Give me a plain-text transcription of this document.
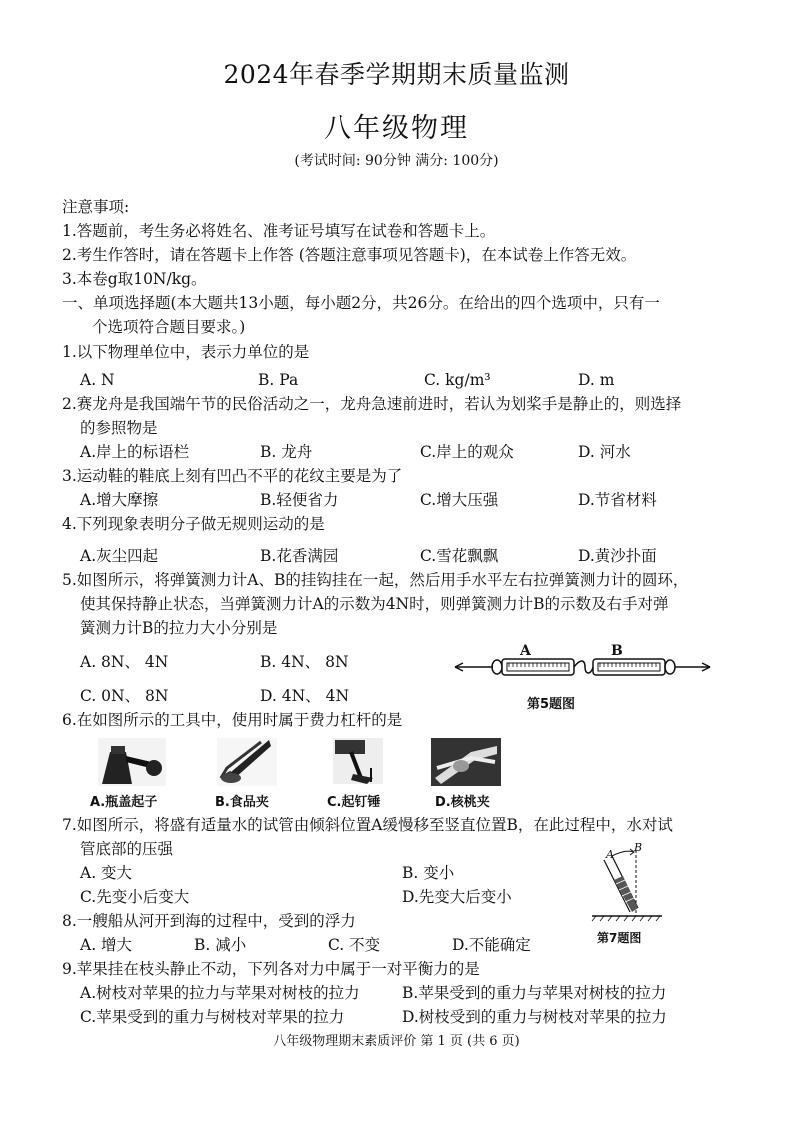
2024年春季学期期末质量监测
八年级物理
(考试时间: 90分钟 满分: 100分)
注意事项:
1.答题前，考生务必将姓名、准考证号填写在试卷和答题卡上。
2.考生作答时，请在答题卡上作答 (答题注意事项见答题卡)，在本试卷上作答无效。
3.本卷g取10N/kg。
一、单项选择题(本大题共13小题，每小题2分，共26分。在给出的四个选项中，只有一
个选项符合题目要求。)
1.以下物理单位中，表示力单位的是
A. N	B. Pa	C. kg/m³	D. m
2.赛龙舟是我国端午节的民俗活动之一，龙舟急速前进时，若认为划桨手是静止的，则选择
的参照物是
A.岸上的标语栏	B. 龙舟	C.岸上的观众	D. 河水
3.运动鞋的鞋底上刻有凹凸不平的花纹主要是为了
A.增大摩擦	B.轻便省力	C.增大压强	D.节省材料
4.下列现象表明分子做无规则运动的是
A.灰尘四起	B.花香满园	C.雪花飘飘	D.黄沙扑面
5.如图所示，将弹簧测力计A、B的挂钩挂在一起，然后用手水平左右拉弹簧测力计的圆环，
使其保持静止状态，当弹簧测力计A的示数为4N时，则弹簧测力计B的示数及右手对弹
簧测力计B的拉力大小分别是
A. 8N、 4N	B. 4N、 8N
C. 0N、 8N	D. 4N、 4N
A	B
第5题图
6.在如图所示的工具中，使用时属于费力杠杆的是
A.瓶盖起子	B.食品夹	C.起钉锤	D.核桃夹
7.如图所示，将盛有适量水的试管由倾斜位置A缓慢移至竖直位置B，在此过程中，水对试
管底部的压强
A. 变大	B. 变小
C.先变小后变大	D.先变大后变小
A
B
第7题图
8.一艘船从河开到海的过程中，受到的浮力
A. 增大	B. 减小	C. 不变	D.不能确定
9.苹果挂在枝头静止不动，下列各对力中属于一对平衡力的是
A.树枝对苹果的拉力与苹果对树枝的拉力	B.苹果受到的重力与苹果对树枝的拉力
C.苹果受到的重力与树枝对苹果的拉力	D.树枝受到的重力与树枝对苹果的拉力
八年级物理期末素质评价 第 1 页 (共 6 页)
